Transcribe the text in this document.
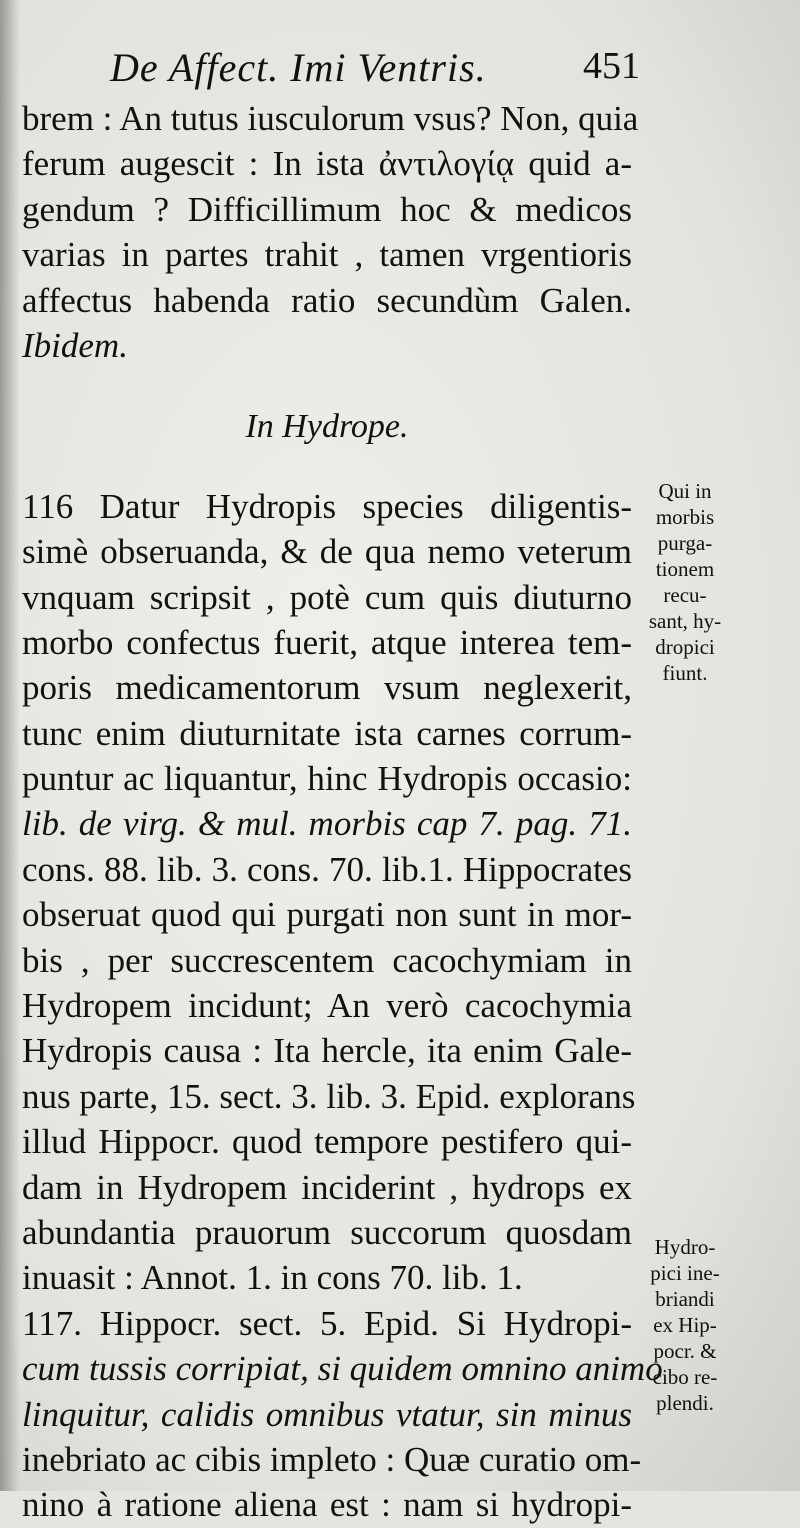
De Affect. Imi Ventris.	451
brem : An tutus iusculorum vsus? Non, quia
ferum augescit : In ista ἀντιλογίᾳ quid a-
gendum ? Difficillimum hoc & medicos
varias in partes trahit , tamen vrgentioris
affectus habenda ratio secundùm Galen.
Ibidem.
In Hydrope.
116 Datur Hydropis species diligentis-
simè obseruanda, & de qua nemo veterum
vnquam scripsit , potè cum quis diuturno
morbo confectus fuerit, atque interea tem-
poris medicamentorum vsum neglexerit,
tunc enim diuturnitate ista carnes corrum-
puntur ac liquantur, hinc Hydropis occasio:
lib. de virg. & mul. morbis cap 7. pag. 71.
cons. 88. lib. 3. cons. 70. lib.1. Hippocrates
obseruat quod qui purgati non sunt in mor-
bis , per succrescentem cacochymiam in
Hydropem incidunt; An verò cacochymia
Hydropis causa : Ita hercle, ita enim Gale-
nus parte, 15. sect. 3. lib. 3. Epid. explorans
illud Hippocr. quod tempore pestifero qui-
dam in Hydropem inciderint , hydrops ex
abundantia prauorum succorum quosdam
inuasit : Annot. 1. in cons 70. lib. 1.
117. Hippocr. sect. 5. Epid. Si Hydropi-
cum tussis corripiat, si quidem omnino animo
linquitur, calidis omnibus vtatur, sin minus
inebriato ac cibis impleto : Quæ curatio om-
nino à ratione aliena est : nam si hydropi-
Qui in
morbis
purga-
tionem
recu-
sant, hy-
dropici
fiunt.
Hydro-
pici ine-
briandi
ex Hip-
pocr. &
cibo re-
plendi.
